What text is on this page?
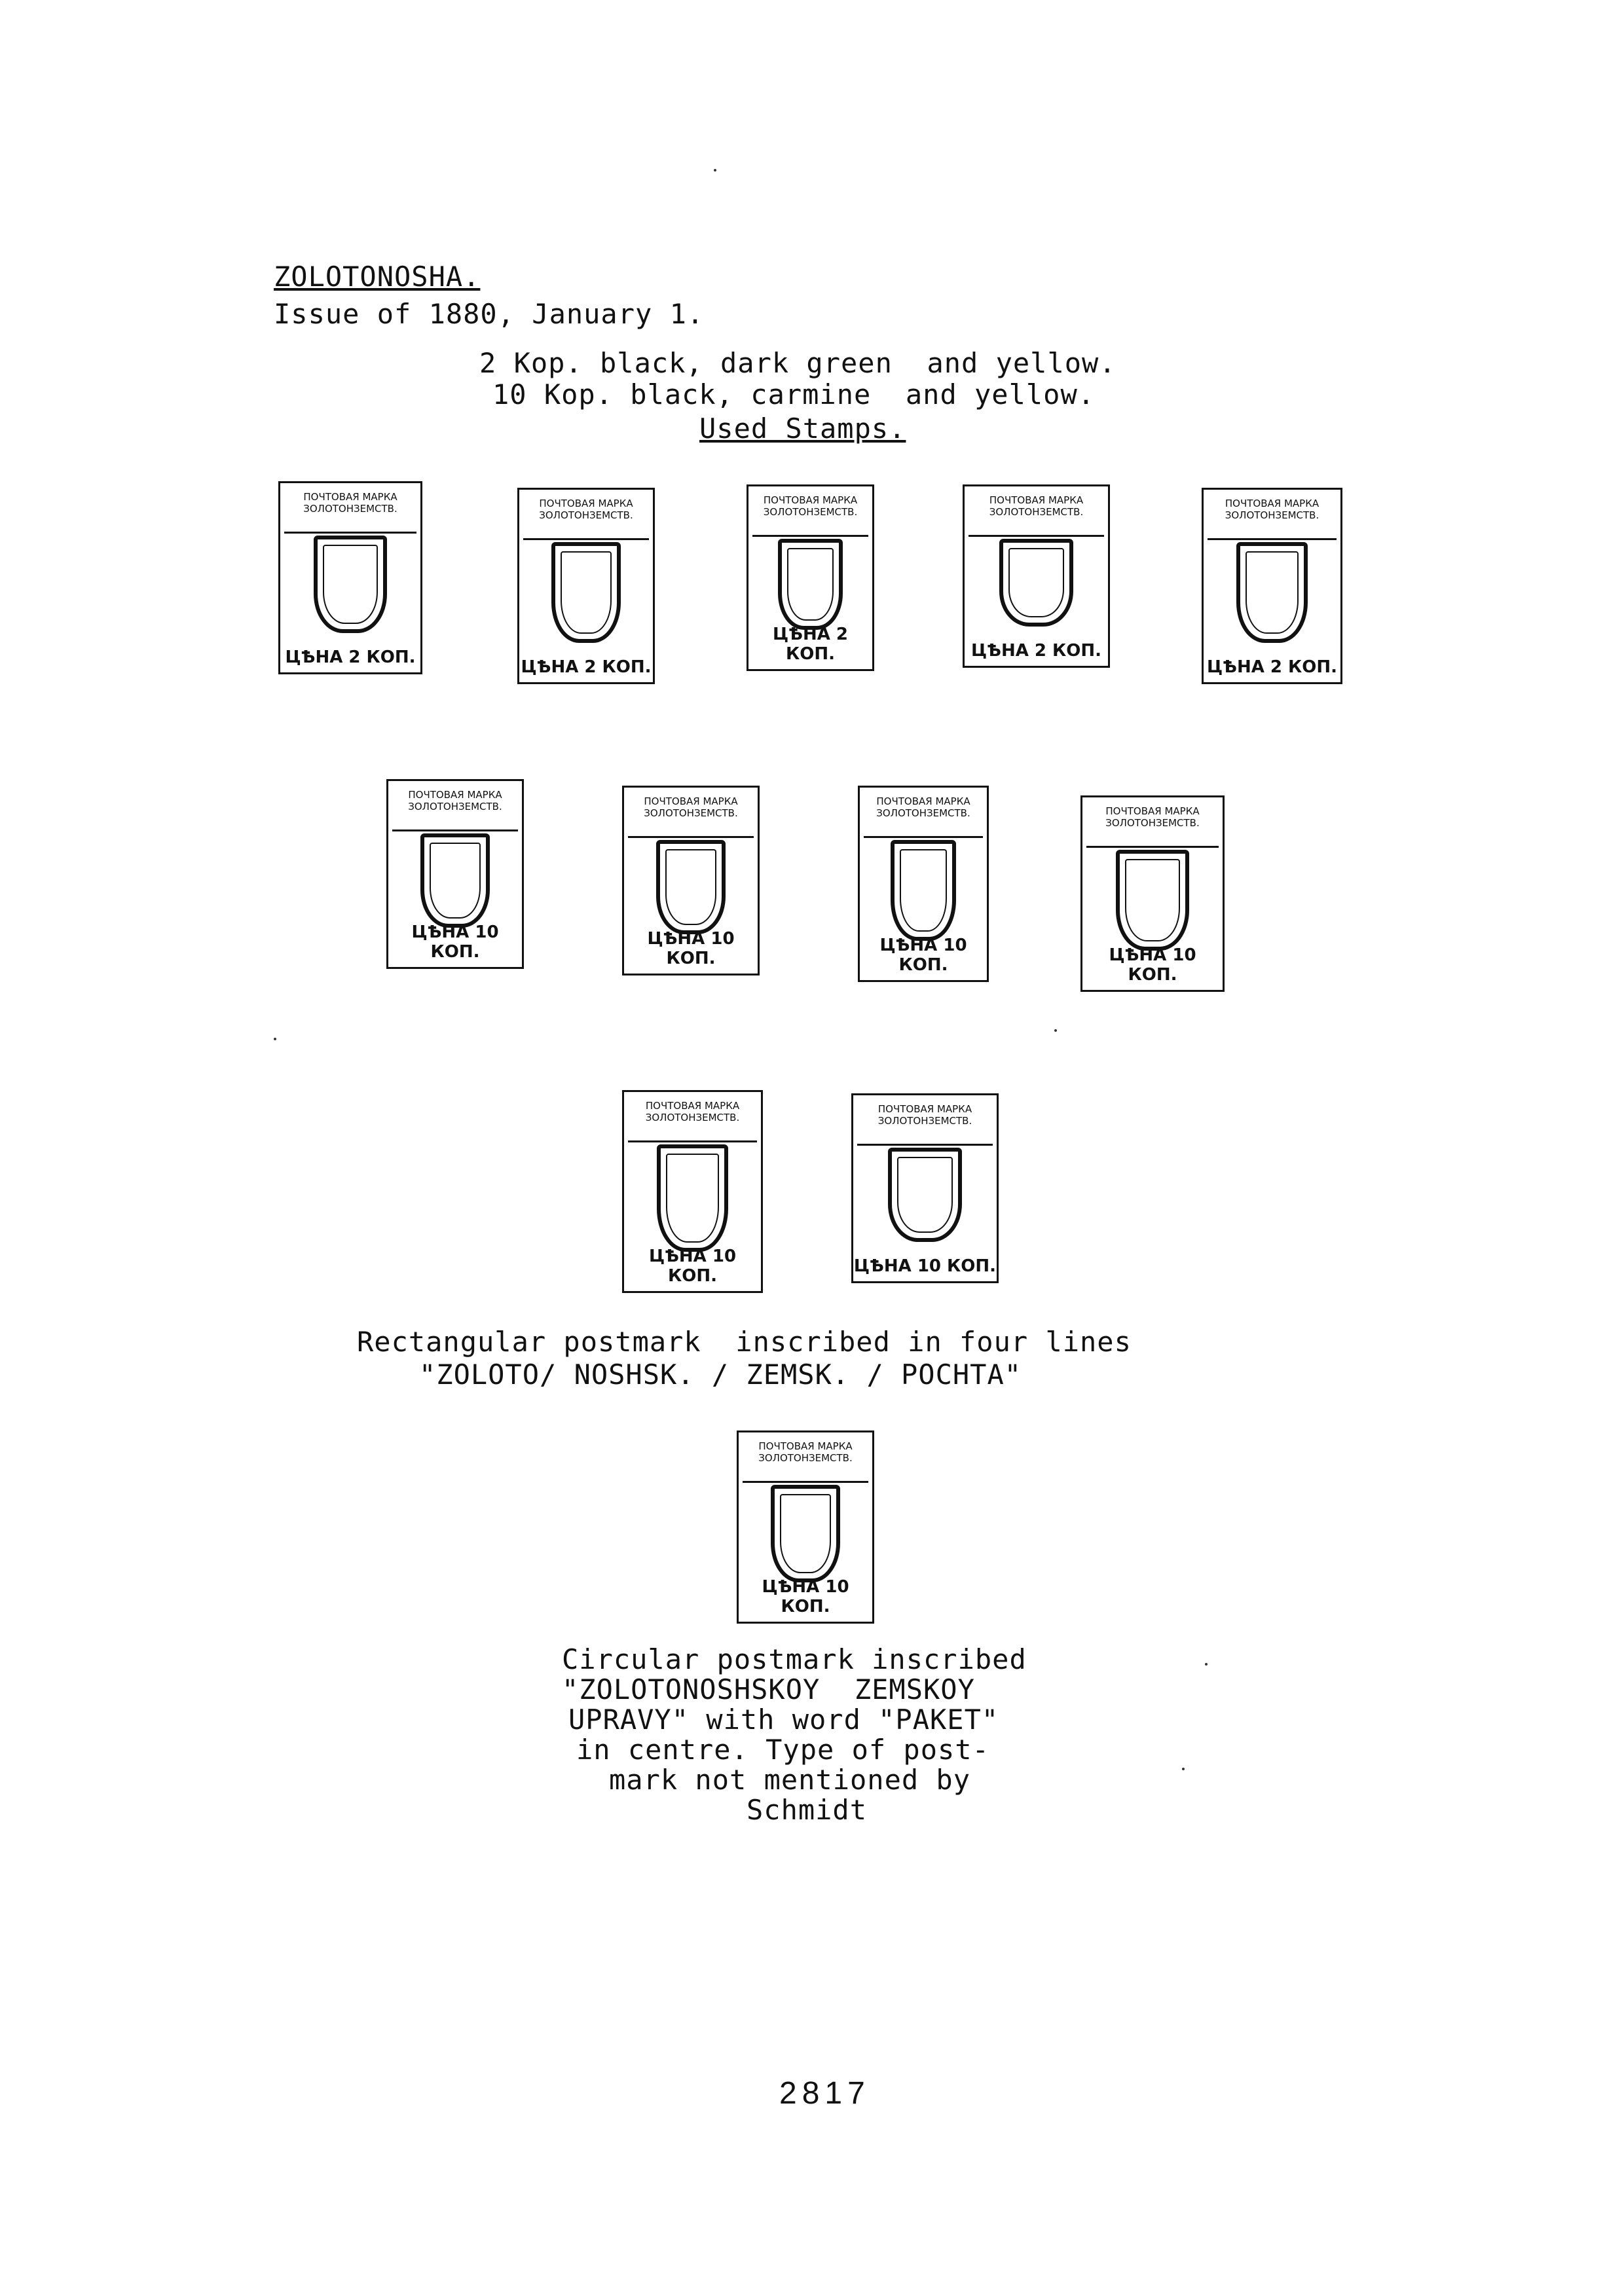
ZOLOTONOSHA.
Issue of 1880, January 1.
2 Kop. black, dark green  and yellow.
10 Kop. black, carmine  and yellow.
Used Stamps.
ПОЧТОВАЯ МАРКА
ЗОЛОТОНЗЕМСТВ.
ЦѢНА 2 КОП.
ПОЧТОВАЯ МАРКА
ЗОЛОТОНЗЕМСТВ.
ЦѢНА 2 КОП.
ПОЧТОВАЯ МАРКА
ЗОЛОТОНЗЕМСТВ.
ЦѢНА 2 КОП.
ПОЧТОВАЯ МАРКА
ЗОЛОТОНЗЕМСТВ.
ЦѢНА 2 КОП.
ПОЧТОВАЯ МАРКА
ЗОЛОТОНЗЕМСТВ.
ЦѢНА 2 КОП.
ПОЧТОВАЯ МАРКА
ЗОЛОТОНЗЕМСТВ.
ЦѢНА 10 КОП.
ПОЧТОВАЯ МАРКА
ЗОЛОТОНЗЕМСТВ.
ЦѢНА 10 КОП.
ПОЧТОВАЯ МАРКА
ЗОЛОТОНЗЕМСТВ.
ЦѢНА 10 КОП.
ПОЧТОВАЯ МАРКА
ЗОЛОТОНЗЕМСТВ.
ЦѢНА 10 КОП.
ПОЧТОВАЯ МАРКА
ЗОЛОТОНЗЕМСТВ.
ЦѢНА 10 КОП.
ПОЧТОВАЯ МАРКА
ЗОЛОТОНЗЕМСТВ.
ЦѢНА 10 КОП.
Rectangular postmark  inscribed in four lines
"ZOLOTO/ NOSHSK. / ZEMSK. / POCHTA"
ПОЧТОВАЯ МАРКА
ЗОЛОТОНЗЕМСТВ.
ЦѢНА 10 КОП.
Circular postmark inscribed
"ZOLOTONOSHSKOY  ZEMSKOY
UPRAVY" with word "PAKET"
in centre. Type of post-
mark not mentioned by
Schmidt
2817
